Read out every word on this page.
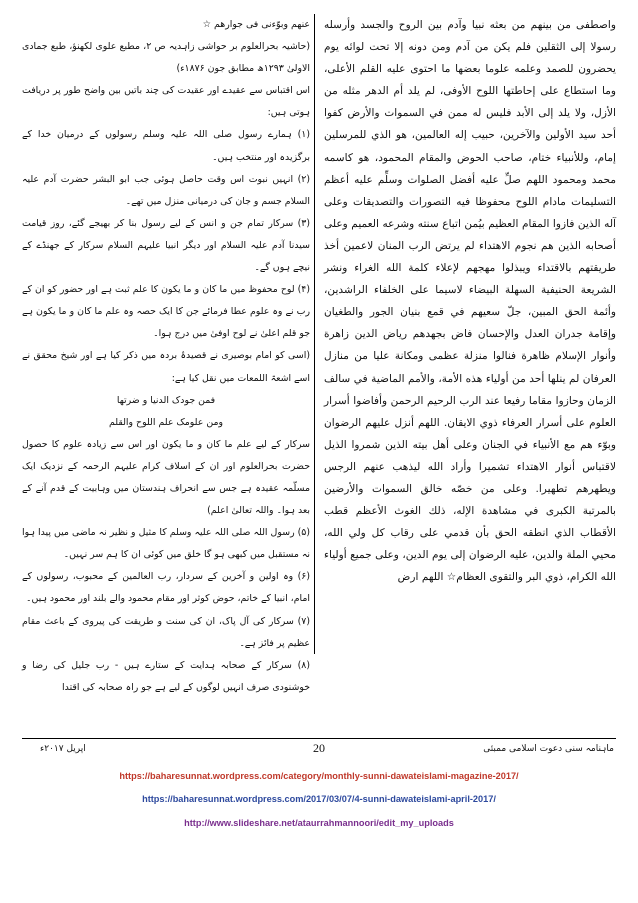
واصطفى من بينهم من بعثه نبيا وآدم بين الروح والجسد وأرسله رسولا إلى الثقلين فلم يكن من آدم ومن دونه إلا تحت لوائه يوم يحضرون للصمد وعلمه علوما بعضها ما احتوى عليه القلم الأعلى، وما استطاع على إحاطتها اللوح الأوفى، لم يلد أم الدهر مثله من الأزل، ولا يلد إلى الأبد فليس له ممن في السموات والأرض كفوا أحد سيد الأولين والآخرين، حبيب إله العالمين، هو الذي للمرسلين إمام، وللأنبياء ختام، صاحب الحوض والمقام المحمود، هو كاسمه محمد ومحمود اللهم صلِّ عليه أفضل الصلوات وسلِّم عليه أعظم التسليمات مادام اللوح محفوظا فيه التصورات والتصديقات وعلى آله الذين فازوا المقام العظيم بيُمن اتباع سنته وشرعه العميم وعلى أصحابه الذين هم نجوم الاهتداء لم يرتض الرب المنان لاعمين أخذ طريقتهم بالاقتداء ويبذلوا مهجهم لإعلاء كلمة الله الغراء ونشر الشريعة الحنيفية السهلة البيضاء لاسيما على الخلفاء الراشدين، وأئمة الحق المبين، جلّ سعيهم في قمع بنيان الجور والطغيان وإقامة جدران العدل والإحسان فاض بجهدهم رياض الدين زاهرة وأنوار الإسلام ظاهرة فنالوا منزلة عظمى ومكانة عليا من منازل العرفان لم ينلها أحد من أولياء هذه الأمة، والأمم الماضية في سالف الزمان وحازوا مقاما رفيعا عند الرب الرحيم الرحمن وأفاضوا أسرار العلوم على أسرار العرفاء ذوي الايقان. اللهم أنزل عليهم الرضوان وبوّء هم مع الأنبياء في الجنان وعلى أهل بيته الذين شمروا الذيل لاقتباس أنوار الاهتداء تشميرا وأراد الله ليذهب عنهم الرجس ويطهرهم تطهيرا. وعلى من خصّه خالق السموات والأرضين بالمرتبة الكبرى في مشاهدة الإله، ذلك الغوث الأعظم قطب الأقطاب الذي انطقه الحق بأن قدمي على رقاب كل ولي الله، محيي الملة والدين، عليه الرضوان إلى يوم الدين، وعلى جميع أولياء الله الكرام، ذوي البر والتقوى العظام☆ اللهم ارض

عنهم وبوّءنی فی جوارهم ☆

(حاشیہ بحرالعلوم بر حواشی زاہدیہ ص ۲، مطبع علوی لکھنؤ، طبع جمادی الاولیٰ ۱۲۹۳ھ مطابق جون ۱۸۷۶ء)

اس اقتباس سے عقیدے اور عقیدت کی چند باتیں بین واضح طور پر دریافت ہوتی ہیں:

(۱) ہمارے رسول صلی اللہ علیہ وسلم رسولوں کے درمیان خدا کے برگزیدہ اور منتخب ہیں۔

(۲) انہیں نبوت اس وقت حاصل ہوئی جب ابو البشر حضرت آدم علیہ السلام جسم و جان کی درمیانی منزل میں تھے۔

(۳) سرکار تمام جن و انس کے لیے رسول بنا کر بھیجے گئے، روز قیامت سیدنا آدم علیہ السلام اور دیگر انبیا علیہم السلام سرکار کے جھنڈے کے نیچے ہوں گے۔

(۴) لوح محفوظ میں ما کان و ما یکون کا علم ثبت ہے اور حضور کو ان کے رب نے وہ علوم عطا فرمائے جن کا ایک حصہ وہ علم ما کان و ما یکون ہے جو قلم اعلیٰ نے لوح اوفیٰ میں درج ہوا۔

(اسی کو امام بوصیری نے قصیدۂ بردہ میں ذکر کیا ہے اور شیخ محقق نے اسے اشعۃ اللمعات میں نقل کیا ہے:

فمن جودک الدنیا و ضرتھا

ومن علومک علم اللوح والقلم

سرکار کے لیے علم ما کان و ما یکون اور اس سے زیادہ علوم کا حصول حضرت بحرالعلوم اور ان کے اسلاف کرام علیہم الرحمہ کے نزدیک ایک مسلّمہ عقیدہ ہے جس سے انحراف ہندستان میں وہابیت کے قدم آنے کے بعد ہوا۔ واللہ تعالیٰ اعلم)

(۵) رسول اللہ صلی اللہ علیہ وسلم کا مثیل و نظیر نہ ماضی میں پیدا ہوا نہ مستقبل میں کبھی ہو گا خلق میں کوئی ان کا ہم سر نہیں۔

(۶) وہ اولین و آخرین کے سردار، رب العالمین کے محبوب، رسولوں کے امام، انبیا کے خاتم، حوض کوثر اور مقام محمود والے بلند اور محمود ہیں۔

(۷) سرکار کی آل پاک، ان کی سنت و طریقت کی پیروی کے باعث مقام عظیم پر فائز ہے۔

(۸) سرکار کے صحابہ ہدایت کے ستارے ہیں - رب جلیل کی رضا و خوشنودی صرف انہیں لوگوں کے لیے ہے جو راہ صحابہ کی اقتدا

ماہنامہ سنی دعوت اسلامی ممبئی
20
اپریل ۲۰۱۷ء
https://baharesunnat.wordpress.com/category/monthly-sunni-dawateislami-magazine-2017/
https://baharesunnat.wordpress.com/2017/03/07/4-sunni-dawateislami-april-2017/
http://www.slideshare.net/ataurrahmannoori/edit_my_uploads
